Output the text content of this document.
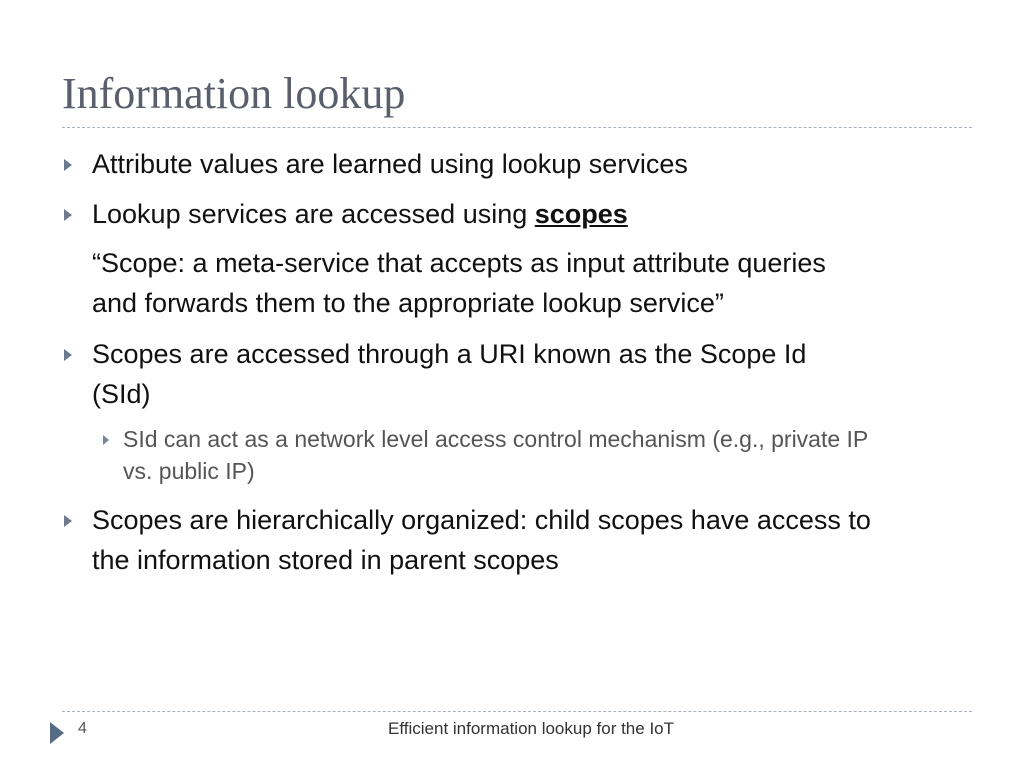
Information lookup
Attribute values are learned using lookup services
Lookup services are accessed using scopes
“Scope: a meta-service that accepts as input attribute queries
and forwards them to the appropriate lookup service”
Scopes are accessed through a URI known as the Scope Id
(SId)
SId can act as a network level access control mechanism (e.g., private IP
vs. public IP)
Scopes are hierarchically organized: child scopes have access to
the information stored in parent scopes
4	Efficient information lookup for the IoT
